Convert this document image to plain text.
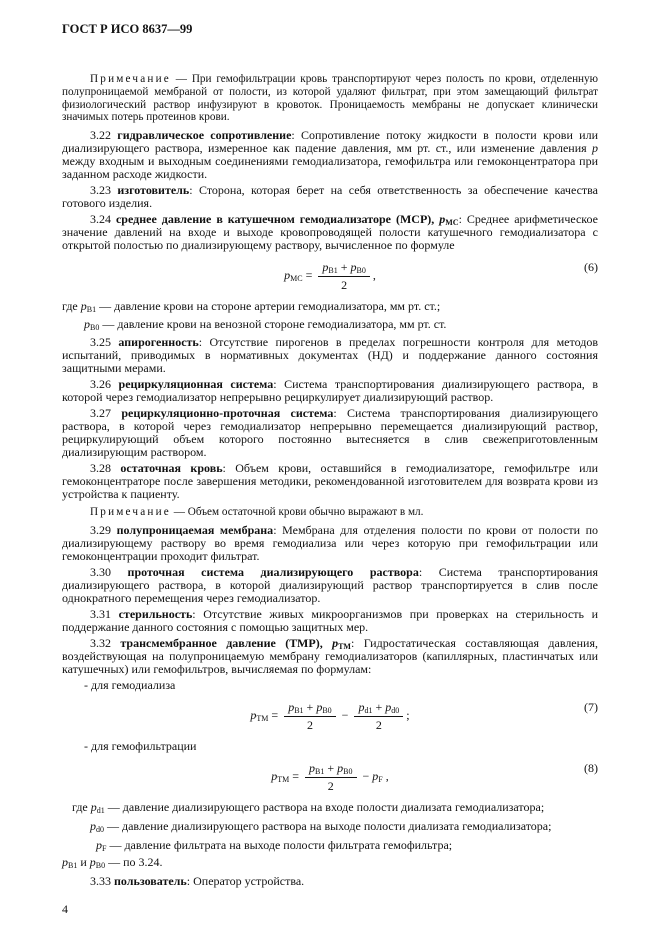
ГОСТ Р ИСО 8637—99

Примечание — При гемофильтрации кровь транспортируют через полость по крови, отделенную полупроницаемой мембраной от полости, из которой удаляют фильтрат, при этом замещающий фильтрат физиологический раствор инфузируют в кровоток. Проницаемость мембраны не допускает клинически значимых потерь протеинов крови.

3.22 гидравлическое сопротивление: Сопротивление потоку жидкости в полости крови или диализирующего раствора, измеренное как падение давления, мм рт. ст., или изменение давления p между входным и выходным соединениями гемодиализатора, гемофильтра или гемоконцентратора при заданном расходе жидкости.

3.23 изготовитель: Сторона, которая берет на себя ответственность за обеспечение качества готового изделия.

3.24 среднее давление в катушечном гемодиализаторе (МСР), $p_{MC}$: Среднее арифметическое значение давлений на входе и выходе кровопроводящей полости катушечного гемодиализатора с открытой полостью по диализирующему раствору, вычисленное по формуле

$p_{MC} = \frac{p_{B1} + p_{B0}}{2}$ ,
(6)

где $p_{B1}$ — давление крови на стороне артерии гемодиализатора, мм рт. ст.;

$p_{B0}$ — давление крови на венозной стороне гемодиализатора, мм рт. ст.

3.25 апирогенность: Отсутствие пирогенов в пределах погрешности контроля для методов испытаний, приводимых в нормативных документах (НД) и поддержание данного состояния защитными мерами.

3.26 рециркуляционная система: Система транспортирования диализирующего раствора, в которой через гемодиализатор непрерывно рециркулирует диализирующий раствор.

3.27 рециркуляционно-проточная система: Система транспортирования диализирующего раствора, в которой через гемодиализатор непрерывно перемещается диализирующий раствор, рециркулирующий объем которого постоянно вытесняется в слив свежеприготовленным диализирующим раствором.

3.28 остаточная кровь: Объем крови, оставшийся в гемодиализаторе, гемофильтре или гемоконцентраторе после завершения методики, рекомендованной изготовителем для возврата крови из устройства к пациенту.

Примечание — Объем остаточной крови обычно выражают в мл.

3.29 полупроницаемая мембрана: Мембрана для отделения полости по крови от полости по диализирующему раствору во время гемодиализа или через которую при гемофильтрации или гемоконцентрации проходит фильтрат.

3.30 проточная система диализирующего раствора: Система транспортирования диализирующего раствора, в которой диализирующий раствор транспортируется в слив после однократного перемещения через гемодиализатор.

3.31 стерильность: Отсутствие живых микроорганизмов при проверках на стерильность и поддержание данного состояния с помощью защитных мер.

3.32 трансмембранное давление (ТМР), $p_{TM}$: Гидростатическая составляющая давления, воздействующая на полупроницаемую мембрану гемодиализаторов (капиллярных, пластинчатых или катушечных) или гемофильтров, вычисляемая по формулам:

- для гемодиализа

$p_{TM} = \frac{p_{B1} + p_{B0}}{2} - \frac{p_{d1} + p_{d0}}{2}$ ;
(7)

- для гемофильтрации

$p_{TM} = \frac{p_{B1} + p_{B0}}{2} - p_F$ ,
(8)

где $p_{d1}$ — давление диализирующего раствора на входе полости диализата гемодиализатора;

$p_{d0}$ — давление диализирующего раствора на выходе полости диализата гемодиализатора;

$p_F$ — давление фильтрата на выходе полости фильтрата гемофильтра;

$p_{B1}$ и $p_{B0}$ — по 3.24.

3.33 пользователь: Оператор устройства.

4
